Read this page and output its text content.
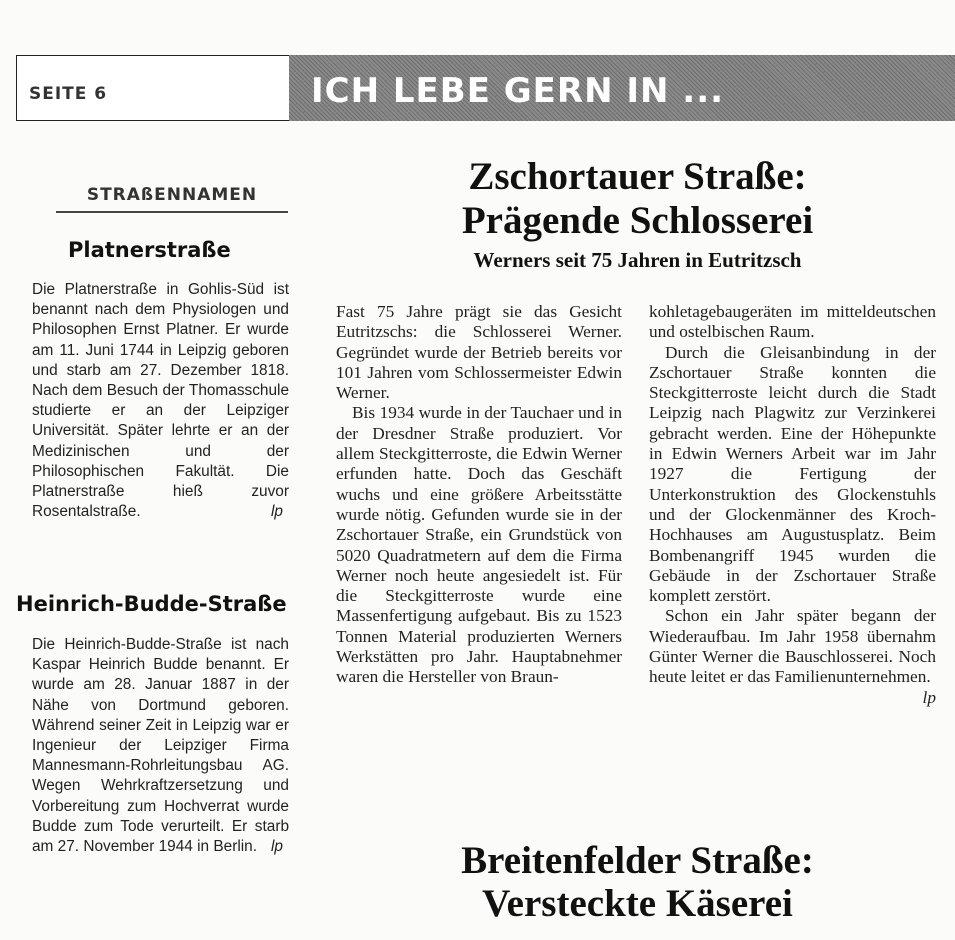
SEITE 6	ICH LEBE GERN IN ...
STRAßENNAMEN
Platnerstraße
Die Platnerstraße in Gohlis-Süd ist benannt nach dem Physiologen und Philosophen Ernst Platner. Er wurde am 11. Juni 1744 in Leipzig geboren und starb am 27. Dezember 1818. Nach dem Besuch der Thomasschule studierte er an der Leipziger Universität. Später lehrte er an der Medizinischen und der Philosophischen Fakultät. Die Platnerstraße hieß zuvor Rosentalstraße.	lp
Heinrich-Budde-Straße
Die Heinrich-Budde-Straße ist nach Kaspar Heinrich Budde benannt. Er wurde am 28. Januar 1887 in der Nähe von Dortmund geboren. Während seiner Zeit in Leipzig war er Ingenieur der Leipziger Firma Mannesmann-Rohrleitungsbau AG. Wegen Wehrkraftzersetzung und Vorbereitung zum Hochverrat wurde Budde zum Tode verurteilt. Er starb am 27. November 1944 in Berlin. lp
Zschortauer Straße:
Prägende Schlosserei
Werners seit 75 Jahren in Eutritzsch

Fast 75 Jahre prägt sie das Gesicht Eutritzschs: die Schlosserei Werner. Gegründet wurde der Betrieb bereits vor 101 Jahren vom Schlossermeister Edwin Werner.

Bis 1934 wurde in der Tauchaer und in der Dresdner Straße produziert. Vor allem Steckgitterroste, die Edwin Werner erfunden hatte. Doch das Geschäft wuchs und eine größere Arbeitsstätte wurde nötig. Gefunden wurde sie in der Zschortauer Straße, ein Grundstück von 5020 Quadratmetern auf dem die Firma Werner noch heute angesiedelt ist. Für die Steckgitterroste wurde eine Massenfertigung aufgebaut. Bis zu 1523 Tonnen Material produzierten Werners Werkstätten pro Jahr. Hauptabnehmer waren die Hersteller von Braun-

kohletagebaugeräten im mitteldeutschen und ostelbischen Raum.

Durch die Gleisanbindung in der Zschortauer Straße konnten die Steckgitterroste leicht durch die Stadt Leipzig nach Plagwitz zur Verzinkerei gebracht werden. Eine der Höhepunkte in Edwin Werners Arbeit war im Jahr 1927 die Fertigung der Unterkonstruktion des Glockenstuhls und der Glockenmänner des Kroch-Hochhauses am Augustusplatz. Beim Bombenangriff 1945 wurden die Gebäude in der Zschortauer Straße komplett zerstört.

Schon ein Jahr später begann der Wiederaufbau. Im Jahr 1958 übernahm Günter Werner die Bauschlosserei. Noch heute leitet er das Familienunternehmen.
lp

Breitenfelder Straße:
Versteckte Käserei
